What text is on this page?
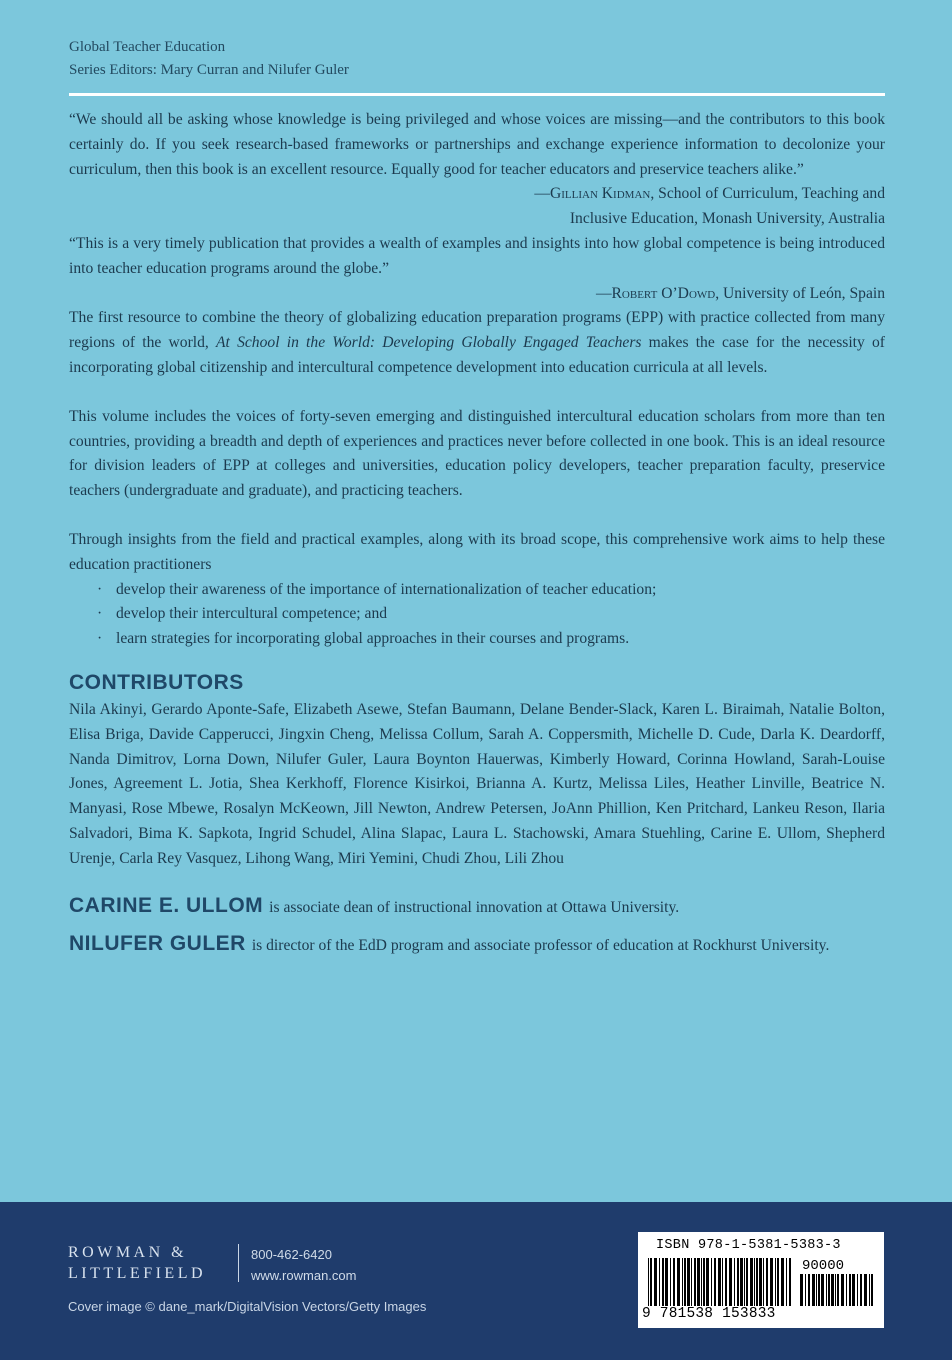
Global Teacher Education
Series Editors: Mary Curran and Nilufer Guler

“We should all be asking whose knowledge is being privileged and whose voices are missing—and the contributors to this book certainly do. If you seek research-based frameworks or partnerships and exchange experience information to decolonize your curriculum, then this book is an excellent resource. Equally good for teacher educators and preservice teachers alike.”

—Gillian Kidman, School of Curriculum, Teaching and
Inclusive Education, Monash University, Australia

“This is a very timely publication that provides a wealth of examples and insights into how global competence is being introduced into teacher education programs around the globe.”

—Robert O’Dowd, University of León, Spain

The first resource to combine the theory of globalizing education preparation programs (EPP) with practice collected from many regions of the world, At School in the World: Developing Globally Engaged Teachers makes the case for the necessity of incorporating global citizenship and intercultural competence development into education curricula at all levels.

This volume includes the voices of forty-seven emerging and distinguished intercultural education scholars from more than ten countries, providing a breadth and depth of experiences and practices never before collected in one book. This is an ideal resource for division leaders of EPP at colleges and universities, education policy developers, teacher preparation faculty, preservice teachers (undergraduate and graduate), and practicing teachers.

Through insights from the field and practical examples, along with its broad scope, this comprehensive work aims to help these education practitioners

· develop their awareness of the importance of internationalization of teacher education;
· develop their intercultural competence; and
· learn strategies for incorporating global approaches in their courses and programs.
CONTRIBUTORS

Nila Akinyi, Gerardo Aponte-Safe, Elizabeth Asewe, Stefan Baumann, Delane Bender-Slack, Karen L. Biraimah, Natalie Bolton, Elisa Briga, Davide Capperucci, Jingxin Cheng, Melissa Collum, Sarah A. Coppersmith, Michelle D. Cude, Darla K. Deardorff, Nanda Dimitrov, Lorna Down, Nilufer Guler, Laura Boynton Hauerwas, Kimberly Howard, Corinna Howland, Sarah-Louise Jones, Agreement L. Jotia, Shea Kerkhoff, Florence Kisirkoi, Brianna A. Kurtz, Melissa Liles, Heather Linville, Beatrice N. Manyasi, Rose Mbewe, Rosalyn McKeown, Jill Newton, Andrew Petersen, JoAnn Phillion, Ken Pritchard, Lankeu Reson, Ilaria Salvadori, Bima K. Sapkota, Ingrid Schudel, Alina Slapac, Laura L. Stachowski, Amara Stuehling, Carine E. Ullom, Shepherd Urenje, Carla Rey Vasquez, Lihong Wang, Miri Yemini, Chudi Zhou, Lili Zhou

CARINE E. ULLOM is associate dean of instructional innovation at Ottawa University.

NILUFER GULER is director of the EdD program and associate professor of education at Rockhurst University.

ROWMAN &
LITTLEFIELD
800-462-6420
www.rowman.com
Cover image © dane_mark/DigitalVision Vectors/Getty Images
ISBN 978-1-5381-5383-3
90000
9 781538 153833
